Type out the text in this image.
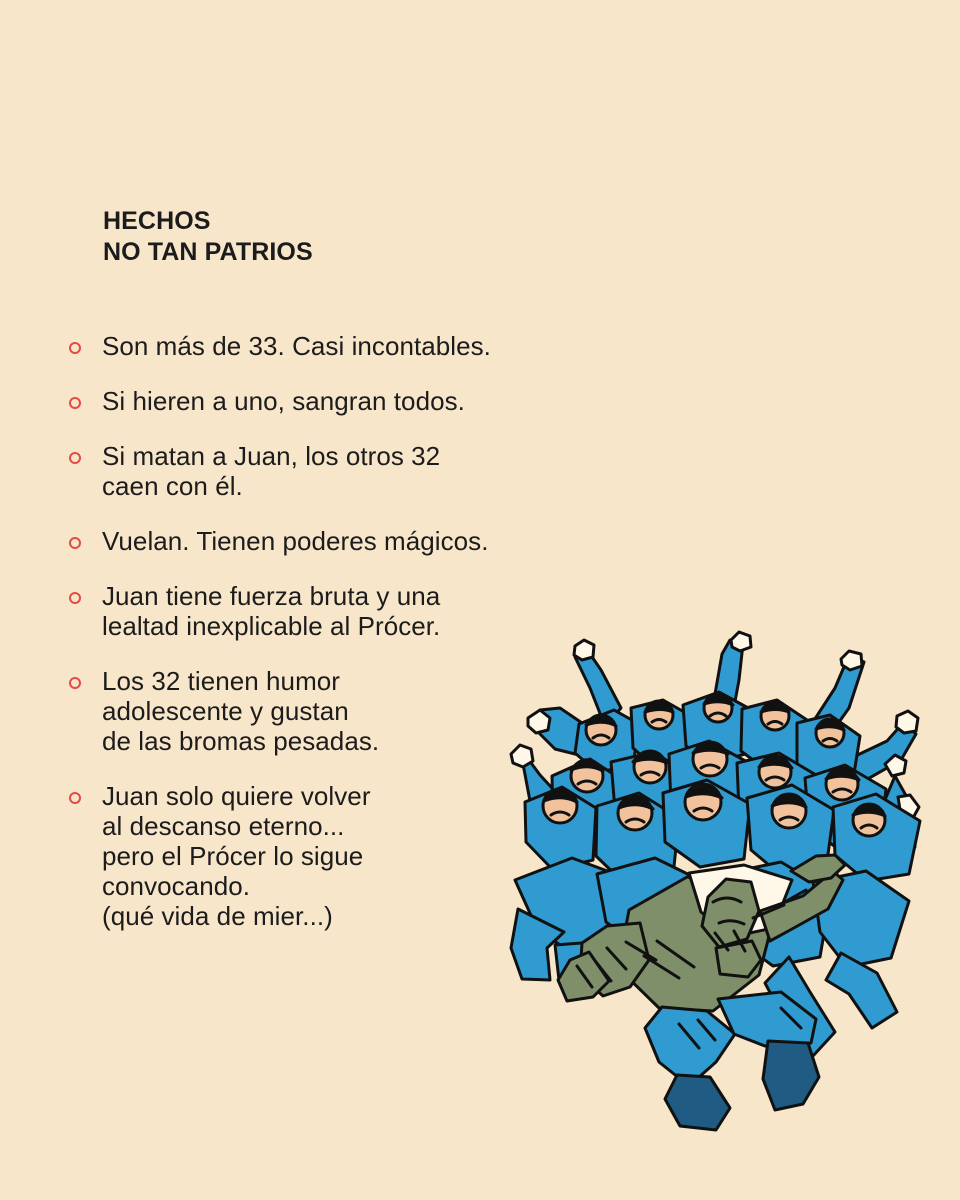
HECHOS
NO TAN PATRIOS
Son más de 33. Casi incontables.
Si hieren a uno, sangran todos.
Si matan a Juan, los otros 32
caen con él.
Vuelan. Tienen poderes mágicos.
Juan tiene fuerza bruta y una
lealtad inexplicable al Prócer.
Los 32 tienen humor
adolescente y gustan
de las bromas pesadas.
Juan solo quiere volver
al descanso eterno...
pero el Prócer lo sigue
convocando.
(qué vida de mier...)
